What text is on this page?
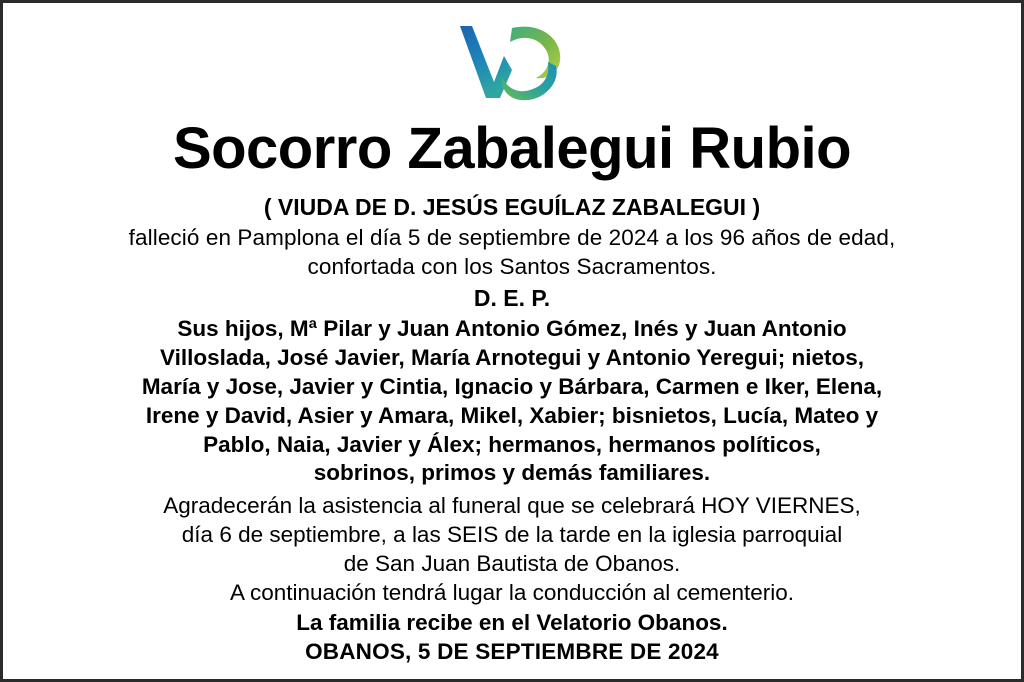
Socorro Zabalegui Rubio
( VIUDA DE D. JESÚS EGUÍLAZ ZABALEGUI )
falleció en Pamplona el día 5 de septiembre de 2024 a los 96 años de edad,
confortada con los Santos Sacramentos.
D. E. P.
Sus hijos, Mª Pilar y Juan Antonio Gómez, Inés y Juan Antonio
Villoslada, José Javier, María Arnotegui y Antonio Yeregui; nietos,
María y Jose, Javier y Cintia, Ignacio y Bárbara, Carmen e Iker, Elena,
Irene y David, Asier y Amara, Mikel, Xabier; bisnietos, Lucía, Mateo y
Pablo, Naia, Javier y Álex; hermanos, hermanos políticos,
sobrinos, primos y demás familiares.
Agradecerán la asistencia al funeral que se celebrará HOY VIERNES,
día 6 de septiembre, a las SEIS de la tarde en la iglesia parroquial
de San Juan Bautista de Obanos.
A continuación tendrá lugar la conducción al cementerio.
La familia recibe en el Velatorio Obanos.
OBANOS, 5 DE SEPTIEMBRE DE 2024
